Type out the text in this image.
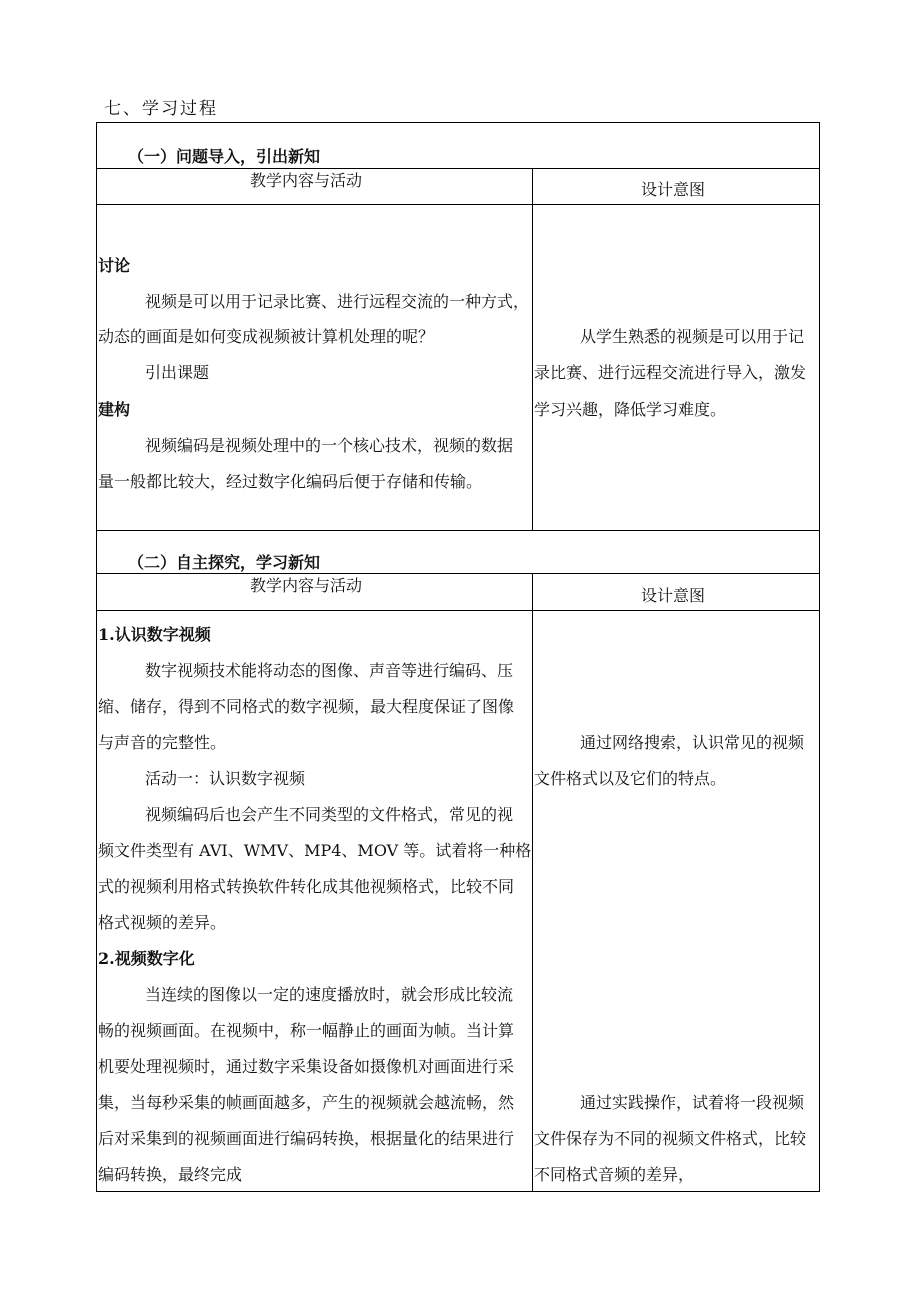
七、学习过程
（一）问题导入，引出新知
教学内容与活动	设计意图
讨论
视频是可以用于记录比赛、进行远程交流的一种方式，
动态的画面是如何变成视频被计算机处理的呢？
引出课题
建构
视频编码是视频处理中的一个核心技术，视频的数据
量一般都比较大，经过数字化编码后便于存储和传输。
从学生熟悉的视频是可以用于记
录比赛、进行远程交流进行导入，激发
学习兴趣，降低学习难度。
（二）自主探究，学习新知
教学内容与活动
设计意图
1.认识数字视频
数字视频技术能将动态的图像、声音等进行编码、压
缩、储存，得到不同格式的数字视频，最大程度保证了图像
与声音的完整性。
活动一：认识数字视频
视频编码后也会产生不同类型的文件格式，常见的视
频文件类型有 AVI、WMV、MP4、MOV 等。试着将一种格
式的视频利用格式转换软件转化成其他视频格式，比较不同
格式视频的差异。
2.视频数字化
当连续的图像以一定的速度播放时，就会形成比较流
畅的视频画面。在视频中，称一幅静止的画面为帧。当计算
机要处理视频时，通过数字采集设备如摄像机对画面进行采
集，当每秒采集的帧画面越多，产生的视频就会越流畅，然
后对采集到的视频画面进行编码转换，根据量化的结果进行
编码转换，最终完成
通过网络搜索，认识常见的视频
文件格式以及它们的特点。
通过实践操作，试着将一段视频
文件保存为不同的视频文件格式，比较
不同格式音频的差异，
